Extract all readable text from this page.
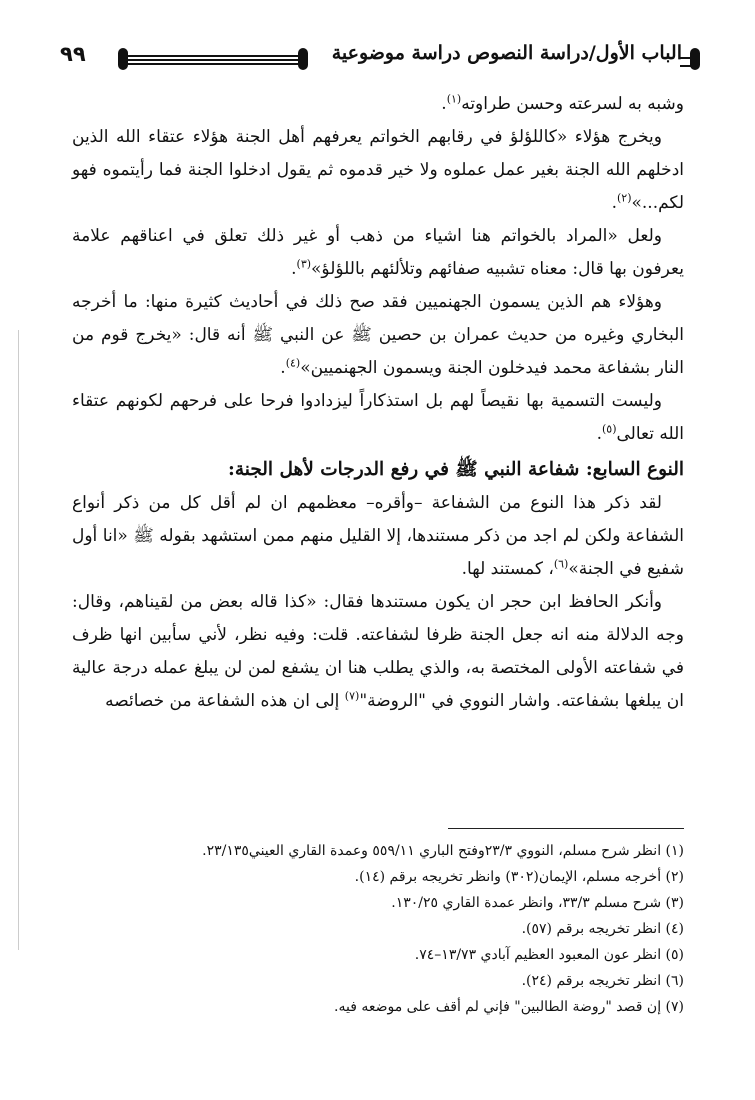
٩٩	الباب الأول/دراسة النصوص دراسة موضوعية

وشبه به لسرعته وحسن طراوته$^{(١)}$.

ويخرج هؤلاء «كاللؤلؤ في رقابهم الخواتم يعرفهم أهل الجنة هؤلاء عتقاء الله الذين ادخلهم الله الجنة بغير عمل عملوه ولا خير قدموه ثم يقول ادخلوا الجنة فما رأيتموه فهو لكم...»$^{(٢)}$.

ولعل «المراد بالخواتم هنا اشياء من ذهب أو غير ذلك تعلق في اعناقهم علامة يعرفون بها قال: معناه تشبيه صفائهم وتلألئهم باللؤلؤ»$^{(٣)}$.

وهؤلاء هم الذين يسمون الجهنميين فقد صح ذلك في أحاديث كثيرة منها: ما أخرجه البخاري وغيره من حديث عمران بن حصين ﷺ عن النبي ﷺ أنه قال: «يخرج قوم من النار بشفاعة محمد فيدخلون الجنة ويسمون الجهنميين»$^{(٤)}$.

وليست التسمية بها نقيصاً لهم بل استذكاراً ليزدادوا فرحا على فرحهم لكونهم عتقاء الله تعالى$^{(٥)}$.

النوع السابع: شفاعة النبي ﷺ في رفع الدرجات لأهل الجنة:

لقد ذكر هذا النوع من الشفاعة –وأقره– معظمهم ان لم أقل كل من ذكر أنواع الشفاعة ولكن لم اجد من ذكر مستندها، إلا القليل منهم ممن استشهد بقوله ﷺ «انا أول شفيع في الجنة»$^{(٦)}$، كمستند لها.

وأنكر الحافظ ابن حجر ان يكون مستندها فقال: «كذا قاله بعض من لقيناهم، وقال: وجه الدلالة منه انه جعل الجنة ظرفا لشفاعته. قلت: وفيه نظر، لأني سأبين انها ظرف في شفاعته الأولى المختصة به، والذي يطلب هنا ان يشفع لمن لن يبلغ عمله درجة عالية ان يبلغها بشفاعته. واشار النووي في "الروضة"$^{(٧)}$ إلى ان هذه الشفاعة من خصائصه

(١) انظر شرح مسلم، النووي ٢٣/٣وفتح الباري ٥٥٩/١١ وعمدة القاري العيني٢٣/١٣٥.

(٢) أخرجه مسلم، الإيمان(٣٠٢) وانظر تخريجه برقم (١٤).

(٣) شرح مسلم ٣٣/٣، وانظر عمدة القاري ١٣٠/٢٥.

(٤) انظر تخريجه برقم (٥٧).

(٥) انظر عون المعبود العظيم آبادي ١٣/٧٣–٧٤.

(٦) انظر تخريجه برقم (٢٤).

(٧) إن قصد "روضة الطالبين" فإني لم أقف على موضعه فيه.
